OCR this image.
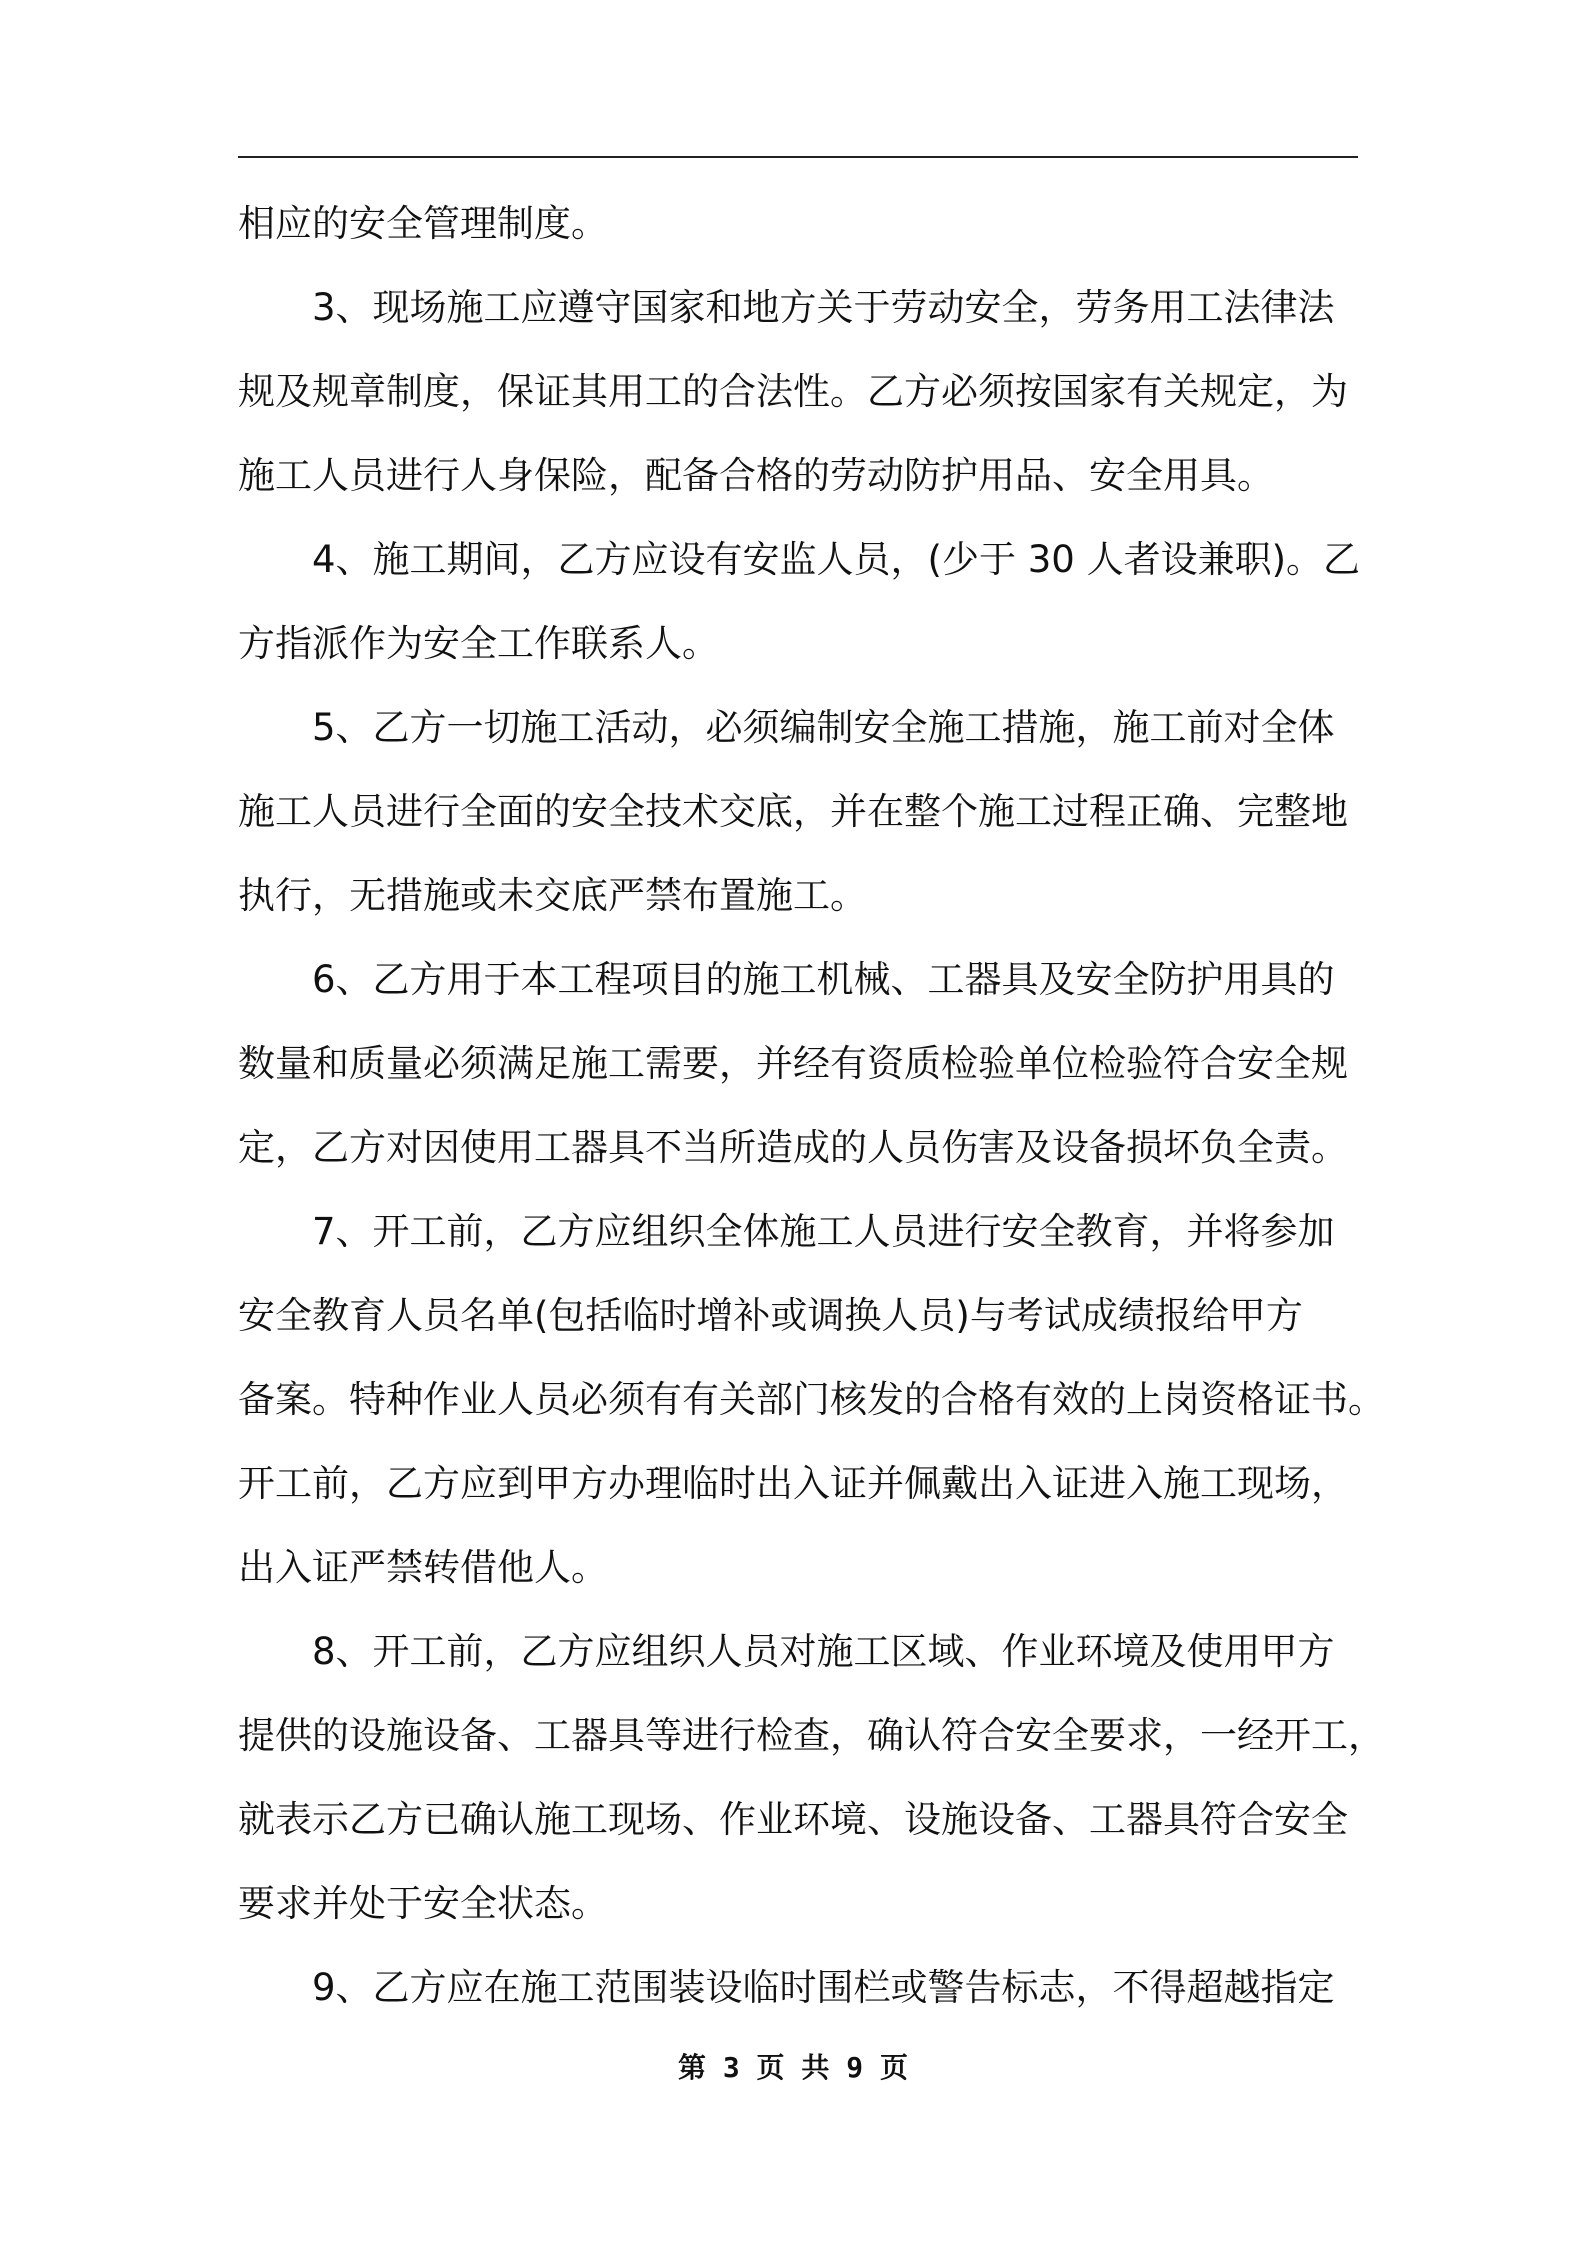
相应的安全管理制度。
3、现场施工应遵守国家和地方关于劳动安全，劳务用工法律法
规及规章制度，保证其用工的合法性。乙方必须按国家有关规定，为
施工人员进行人身保险，配备合格的劳动防护用品、安全用具。
4、施工期间，乙方应设有安监人员，(少于 30 人者设兼职)。乙
方指派作为安全工作联系人。
5、乙方一切施工活动，必须编制安全施工措施，施工前对全体
施工人员进行全面的安全技术交底，并在整个施工过程正确、完整地
执行，无措施或未交底严禁布置施工。
6、乙方用于本工程项目的施工机械、工器具及安全防护用具的
数量和质量必须满足施工需要，并经有资质检验单位检验符合安全规
定，乙方对因使用工器具不当所造成的人员伤害及设备损坏负全责。
7、开工前，乙方应组织全体施工人员进行安全教育，并将参加
安全教育人员名单(包括临时增补或调换人员)与考试成绩报给甲方
备案。特种作业人员必须有有关部门核发的合格有效的上岗资格证书。
开工前，乙方应到甲方办理临时出入证并佩戴出入证进入施工现场，
出入证严禁转借他人。
8、开工前，乙方应组织人员对施工区域、作业环境及使用甲方
提供的设施设备、工器具等进行检查，确认符合安全要求，一经开工，
就表示乙方已确认施工现场、作业环境、设施设备、工器具符合安全
要求并处于安全状态。
9、乙方应在施工范围装设临时围栏或警告标志，不得超越指定
第 3 页 共 9 页
